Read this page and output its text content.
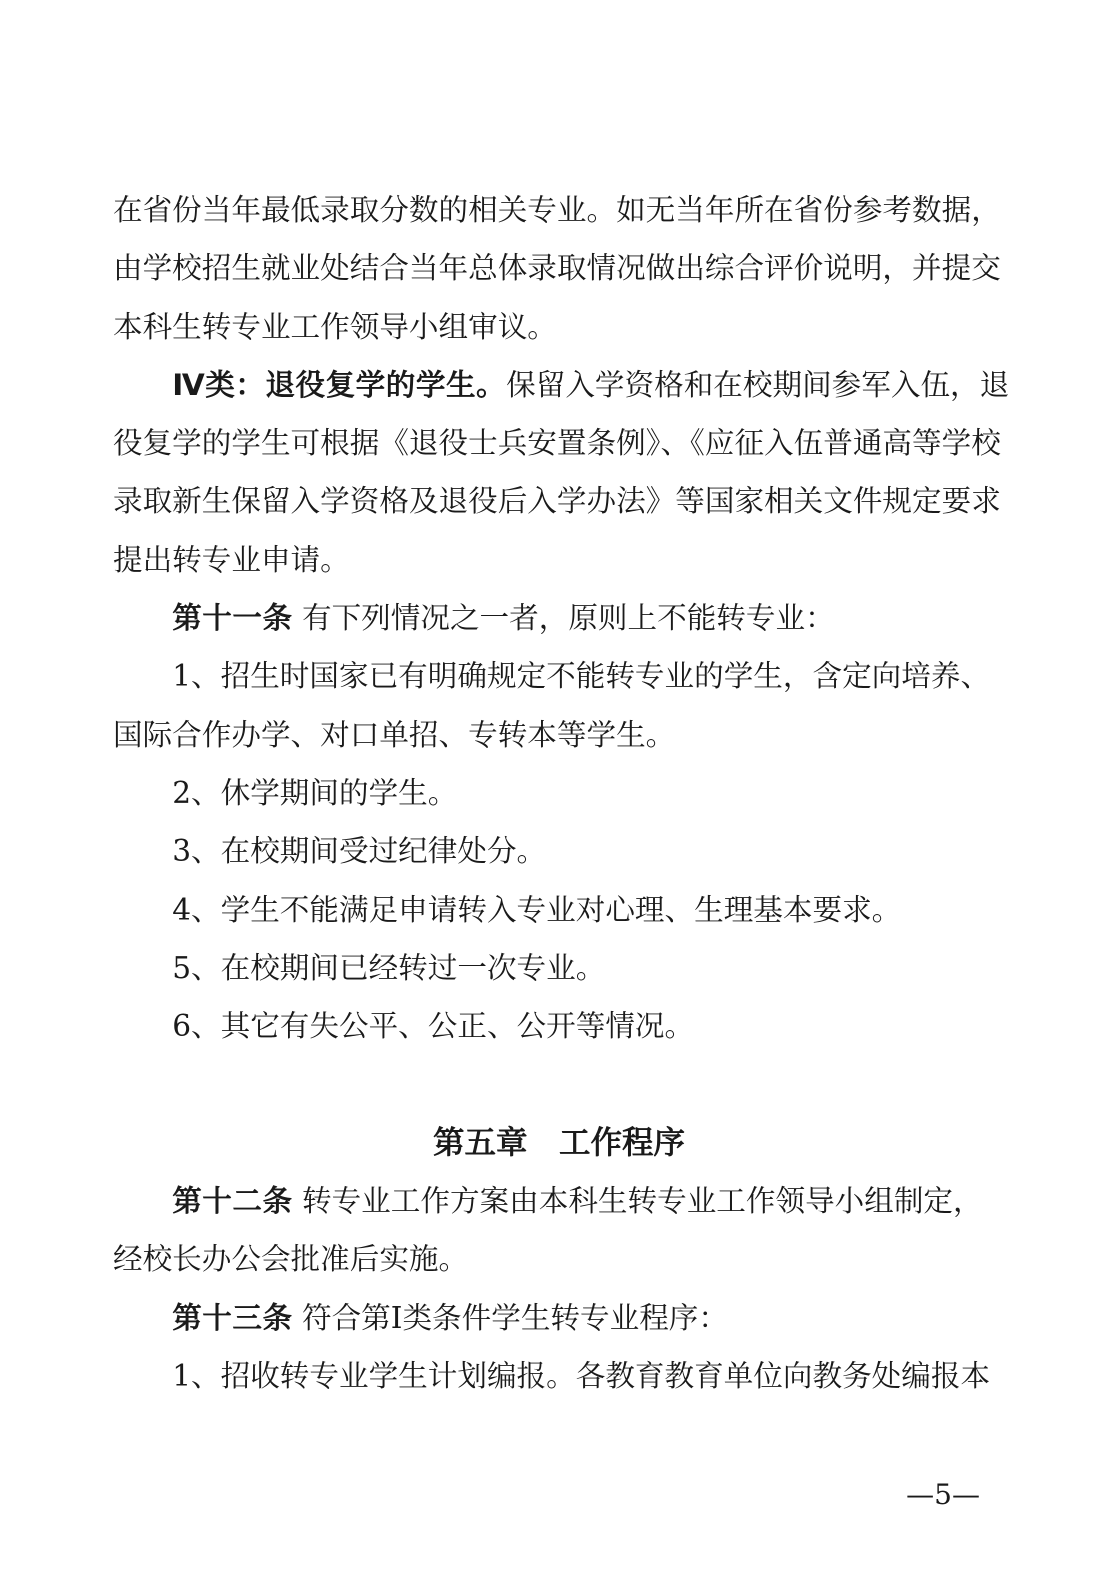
在省份当年最低录取分数的相关专业。如无当年所在省份参考数据，
由学校招生就业处结合当年总体录取情况做出综合评价说明，并提交
本科生转专业工作领导小组审议。
Ⅳ类：退役复学的学生。保留入学资格和在校期间参军入伍，退
役复学的学生可根据《退役士兵安置条例》、《应征入伍普通高等学校
录取新生保留入学资格及退役后入学办法》等国家相关文件规定要求
提出转专业申请。
第十一条 有下列情况之一者，原则上不能转专业：
1、招生时国家已有明确规定不能转专业的学生，含定向培养、
国际合作办学、对口单招、专转本等学生。
2、休学期间的学生。
3、在校期间受过纪律处分。
4、学生不能满足申请转入专业对心理、生理基本要求。
5、在校期间已经转过一次专业。
6、其它有失公平、公正、公开等情况。
第五章　工作程序
第十二条 转专业工作方案由本科生转专业工作领导小组制定，
经校长办公会批准后实施。
第十三条 符合第Ⅰ类条件学生转专业程序：
1、招收转专业学生计划编报。各教育教育单位向教务处编报本
—5—
